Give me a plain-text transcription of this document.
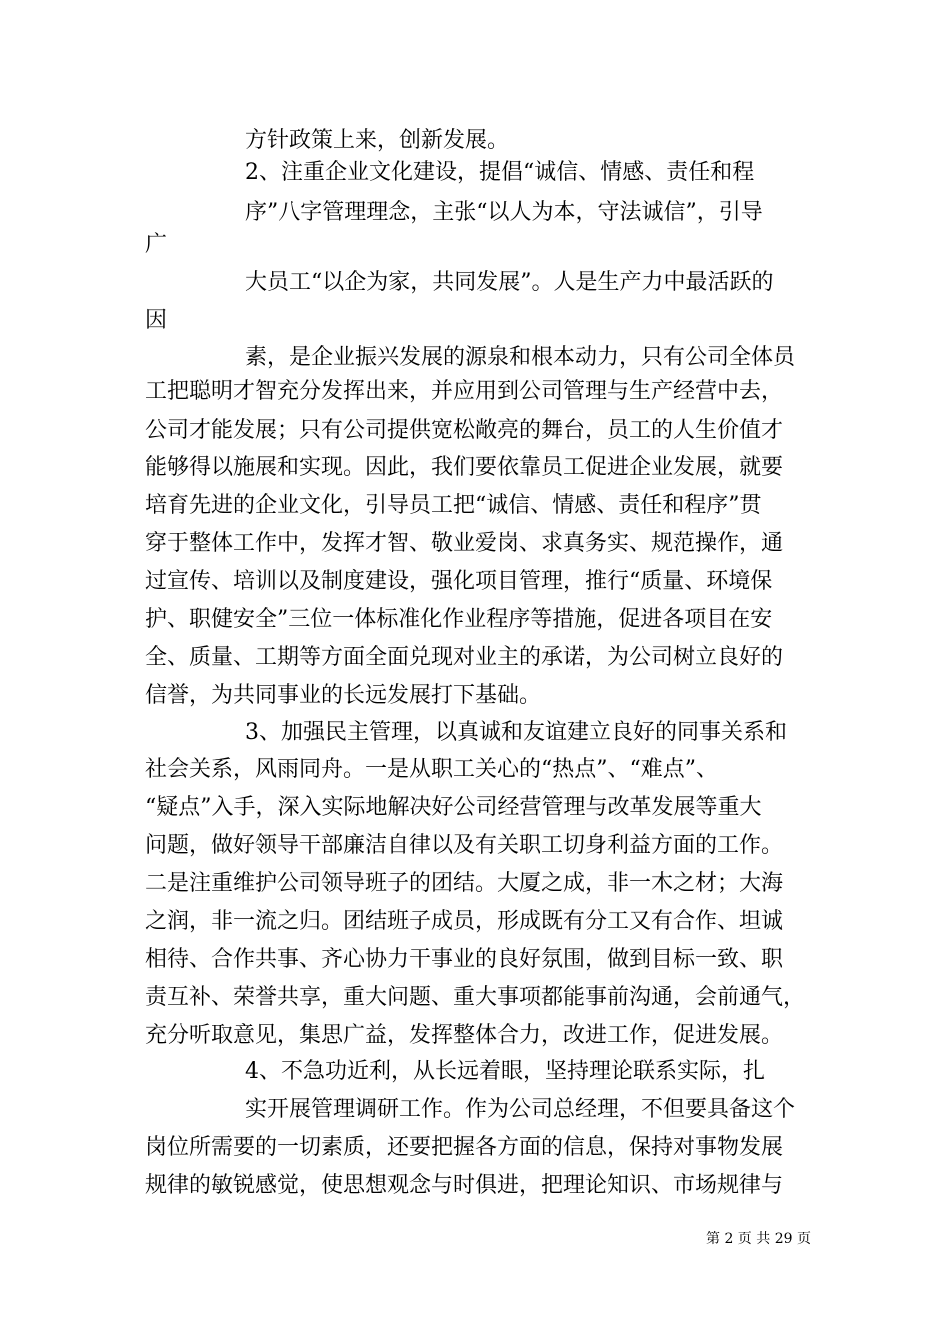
方针政策上来，创新发展。
2、注重企业文化建设，提倡“诚信、情感、责任和程
序”八字管理理念，主张“以人为本，守法诚信”，引导
广
大员工“以企为家，共同发展”。人是生产力中最活跃的
因
素，是企业振兴发展的源泉和根本动力，只有公司全体员
工把聪明才智充分发挥出来，并应用到公司管理与生产经营中去，
公司才能发展；只有公司提供宽松敞亮的舞台，员工的人生价值才
能够得以施展和实现。因此，我们要依靠员工促进企业发展，就要
培育先进的企业文化，引导员工把“诚信、情感、责任和程序”贯
穿于整体工作中，发挥才智、敬业爱岗、求真务实、规范操作，通
过宣传、培训以及制度建设，强化项目管理，推行“质量、环境保
护、职健安全”三位一体标准化作业程序等措施，促进各项目在安
全、质量、工期等方面全面兑现对业主的承诺，为公司树立良好的
信誉，为共同事业的长远发展打下基础。
3、加强民主管理，以真诚和友谊建立良好的同事关系和
社会关系，风雨同舟。一是从职工关心的“热点”、“难点”、
“疑点”入手，深入实际地解决好公司经营管理与改革发展等重大
问题，做好领导干部廉洁自律以及有关职工切身利益方面的工作。
二是注重维护公司领导班子的团结。大厦之成，非一木之材；大海
之润，非一流之归。团结班子成员，形成既有分工又有合作、坦诚
相待、合作共事、齐心协力干事业的良好氛围，做到目标一致、职
责互补、荣誉共享，重大问题、重大事项都能事前沟通，会前通气，
充分听取意见，集思广益，发挥整体合力，改进工作，促进发展。
4、不急功近利，从长远着眼，坚持理论联系实际，扎
实开展管理调研工作。作为公司总经理，不但要具备这个
岗位所需要的一切素质，还要把握各方面的信息，保持对事物发展
规律的敏锐感觉，使思想观念与时俱进，把理论知识、市场规律与
第 2 页 共 29 页
